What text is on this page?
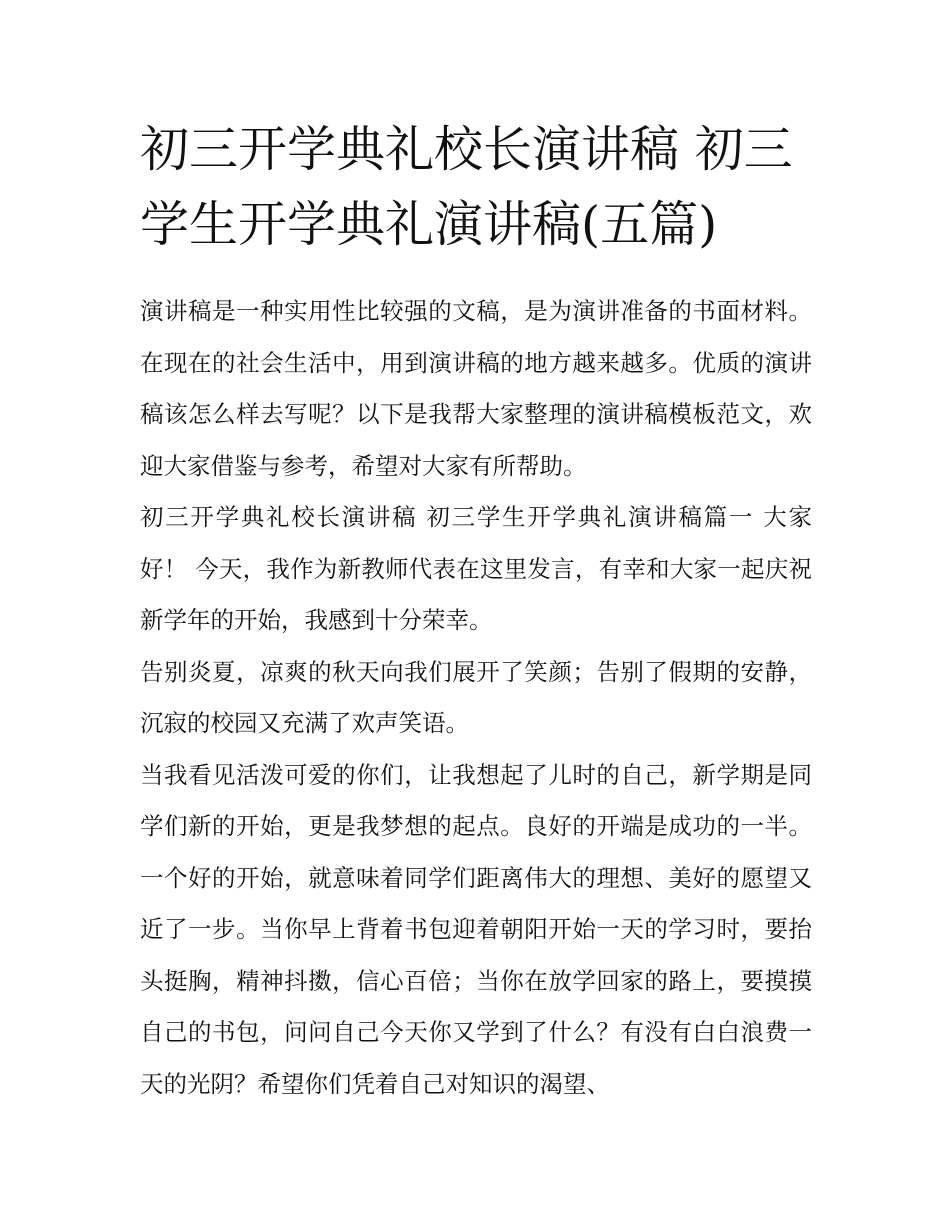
初三开学典礼校长演讲稿 初三学生开学典礼演讲稿(五篇)

演讲稿是一种实用性比较强的文稿，是为演讲准备的书面材料。在现在的社会生活中，用到演讲稿的地方越来越多。优质的演讲稿该怎么样去写呢？以下是我帮大家整理的演讲稿模板范文，欢迎大家借鉴与参考，希望对大家有所帮助。

初三开学典礼校长演讲稿 初三学生开学典礼演讲稿篇一 大家好！ 今天，我作为新教师代表在这里发言，有幸和大家一起庆祝新学年的开始，我感到十分荣幸。

告别炎夏，凉爽的秋天向我们展开了笑颜；告别了假期的安静，沉寂的校园又充满了欢声笑语。

当我看见活泼可爱的你们，让我想起了儿时的自己，新学期是同学们新的开始，更是我梦想的起点。良好的开端是成功的一半。一个好的开始，就意味着同学们距离伟大的理想、美好的愿望又近了一步。当你早上背着书包迎着朝阳开始一天的学习时，要抬头挺胸，精神抖擞，信心百倍；当你在放学回家的路上，要摸摸自己的书包，问问自己今天你又学到了什么？有没有白白浪费一天的光阴？希望你们凭着自己对知识的渴望、
